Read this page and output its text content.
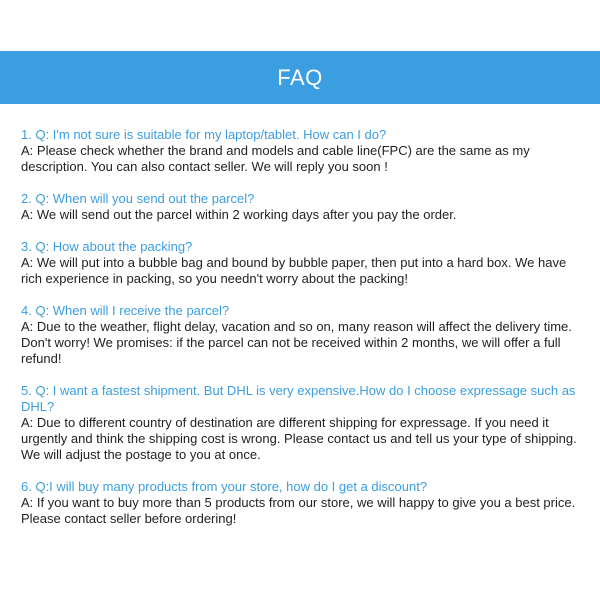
FAQ

1. Q: I'm not sure is suitable for my laptop/tablet. How can I do?

A: Please check whether the brand and models and cable line(FPC) are the same as my description. You can also contact seller. We will reply you soon !

2. Q: When will you send out the parcel?

A: We will send out the parcel within 2 working days after you pay the order.

3. Q: How about the packing?

A: We will put into a bubble bag and bound by bubble paper, then put into a hard box. We have rich experience in packing, so you needn't worry about the packing!

4. Q: When will I receive the parcel?

A: Due to the weather, flight delay, vacation and so on, many reason will affect the delivery time. Don't worry! We promises: if the parcel can not be received within 2 months, we will offer a full refund!

5. Q: I want a fastest shipment. But DHL is very expensive.How do I choose expressage such as DHL?

A: Due to different country of destination are different shipping for expressage. If you need it urgently and think the shipping cost is wrong. Please contact us and tell us your type of shipping. We will adjust the postage to you at once.

6. Q:I will buy many products from your store, how do I get a discount?

A: If you want to buy more than 5 products from our store, we will happy to give you a best price. Please contact seller before ordering!
